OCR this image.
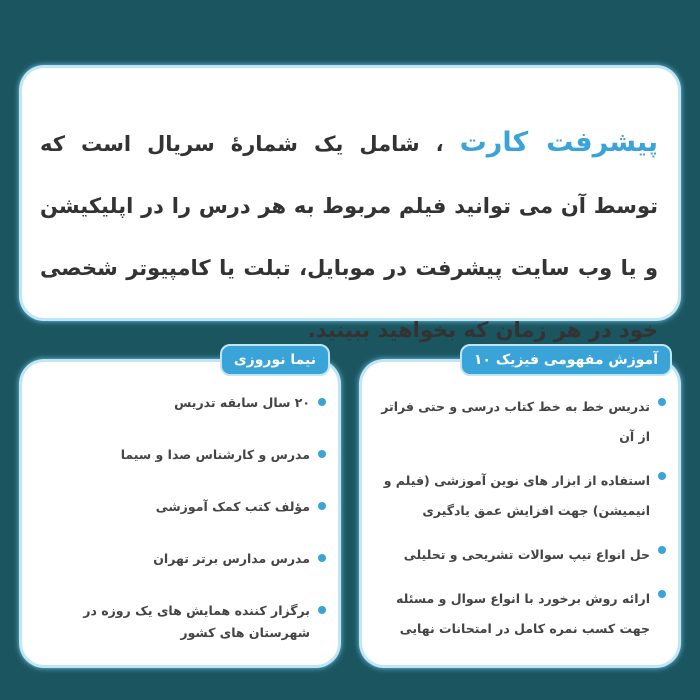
پیشرفت کارت ، شامل یک شمارهٔ سریال است که توسط آن می توانید فیلم مربوط به هر درس را در اپلیکیشن و یا وب سایت پیشرفت در موبایل، تبلت یا کامپیوتر شخصی خود در هر زمان که بخواهید ببینید.

نیما نوروزی
۲۰ سال سابقه تدریس
مدرس و کارشناس صدا و سیما
مؤلف کتب کمک آموزشی
مدرس مدارس برتر تهران
برگزار کننده همایش های یک روزه در شهرستان های کشور
آموزش مفهومی فیزیک ۱۰
تدریس خط به خط کتاب درسی و حتی فراتر از آن
استفاده از ابزار های نوین آموزشی (فیلم و انیمیشن) جهت افزایش عمق یادگیری
حل انواع تیپ سوالات تشریحی و تحلیلی
ارائه روش برخورد با انواع سوال و مسئله جهت کسب نمره کامل در امتحانات نهایی
